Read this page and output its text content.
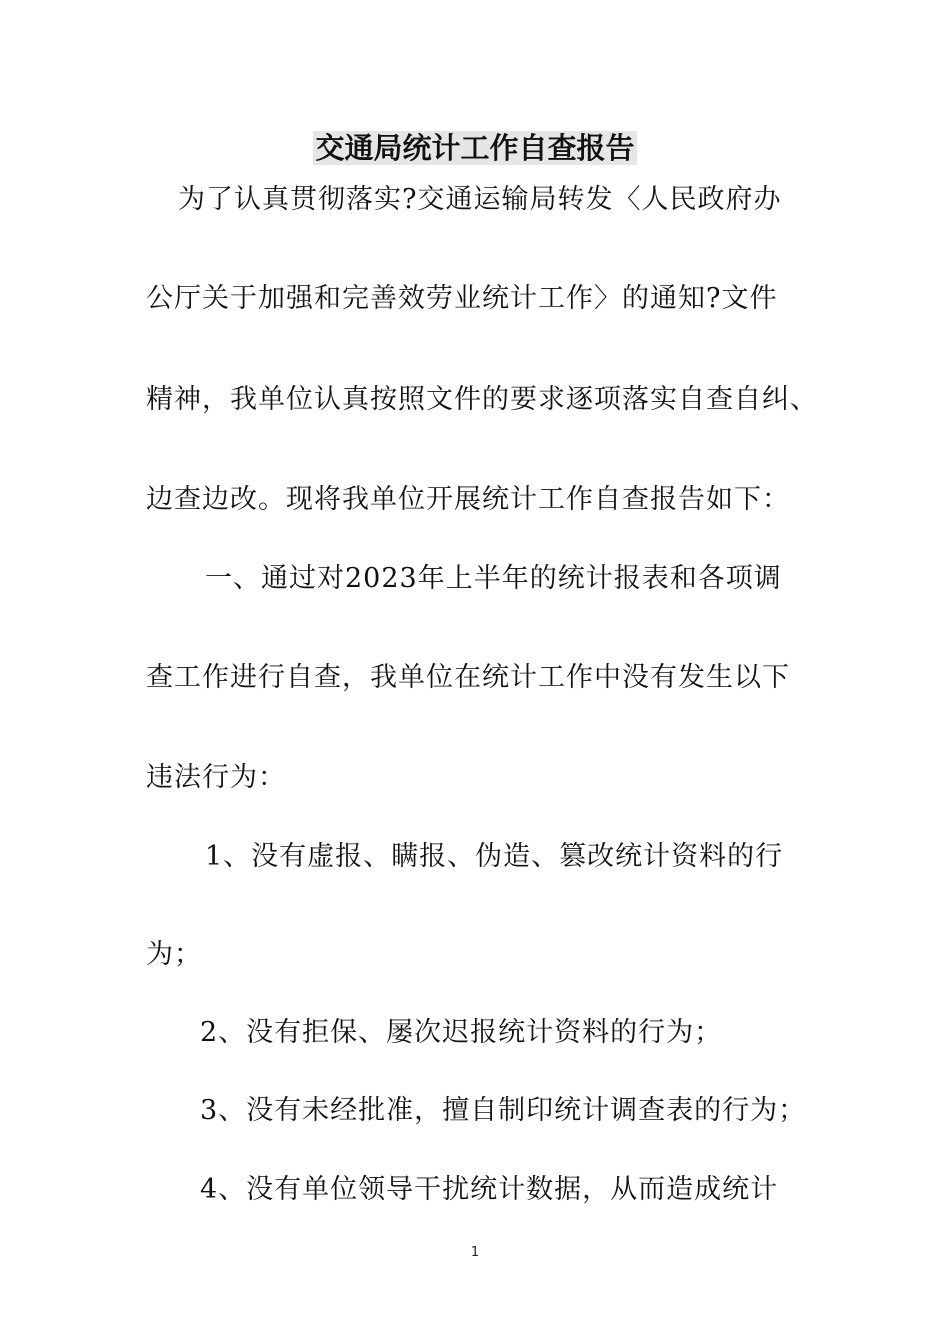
交通局统计工作自查报告
为了认真贯彻落实?交通运输局转发〈人民政府办
公厅关于加强和完善效劳业统计工作〉的通知?文件
精神，我单位认真按照文件的要求逐项落实自查自纠、
边查边改。现将我单位开展统计工作自查报告如下：
一、通过对2023年上半年的统计报表和各项调
查工作进行自查，我单位在统计工作中没有发生以下
违法行为：
1、没有虚报、瞒报、伪造、篡改统计资料的行
为；
2、没有拒保、屡次迟报统计资料的行为；
3、没有未经批准，擅自制印统计调查表的行为；
4、没有单位领导干扰统计数据，从而造成统计
1
